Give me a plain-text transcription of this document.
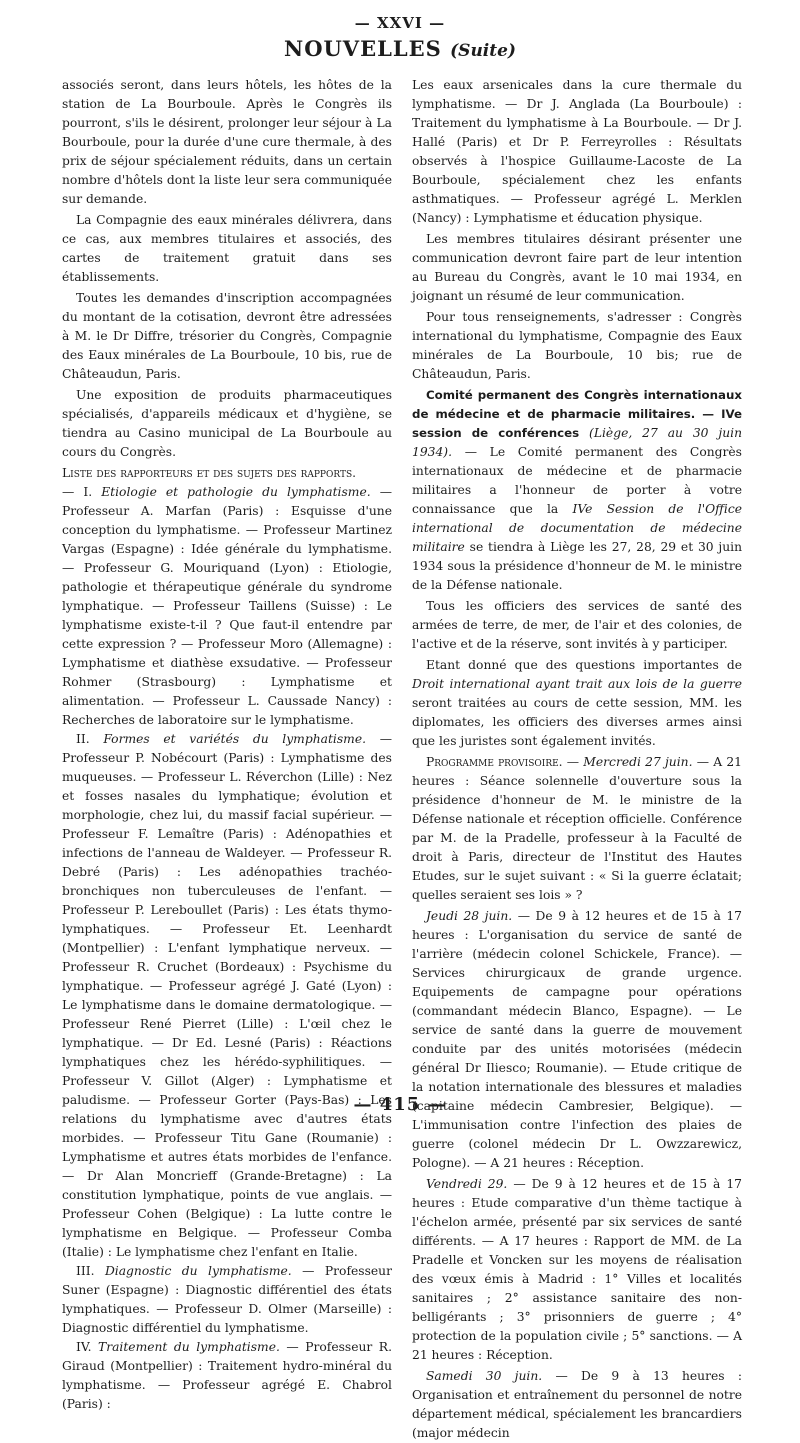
— XXVI —
NOUVELLES (Suite)

associés seront, dans leurs hôtels, les hôtes de la station de La Bourboule. Après le Congrès ils pourront, s'ils le désirent, prolonger leur séjour à La Bourboule, pour la durée d'une cure thermale, à des prix de séjour spécialement réduits, dans un certain nombre d'hôtels dont la liste leur sera communiquée sur demande.

La Compagnie des eaux minérales délivrera, dans ce cas, aux membres titulaires et associés, des cartes de traitement gratuit dans ses établissements.

Toutes les demandes d'inscription accompagnées du montant de la cotisation, devront être adressées à M. le Dr Diffre, trésorier du Congrès, Compagnie des Eaux minérales de La Bourboule, 10 bis, rue de Châteaudun, Paris.

Une exposition de produits pharmaceutiques spécialisés, d'appareils médicaux et d'hygiène, se tiendra au Casino municipal de La Bourboule au cours du Congrès.

Liste des rapporteurs et des sujets des rapports.
— I. Etiologie et pathologie du lymphatisme. — Professeur A. Marfan (Paris) : Esquisse d'une conception du lymphatisme. — Professeur Martinez Vargas (Espagne) : Idée générale du lymphatisme. — Professeur G. Mouriquand (Lyon) : Etiologie, pathologie et thérapeutique générale du syndrome lymphatique. — Professeur Taillens (Suisse) : Le lymphatisme existe-t-il ? Que faut-il entendre par cette expression ? — Professeur Moro (Allemagne) : Lymphatisme et diathèse exsudative. — Professeur Rohmer (Strasbourg) : Lymphatisme et alimentation. — Professeur L. Caussade Nancy) : Recherches de laboratoire sur le lymphatisme.

II. Formes et variétés du lymphatisme. — Professeur P. Nobécourt (Paris) : Lymphatisme des muqueuses. — Professeur L. Réverchon (Lille) : Nez et fosses nasales du lymphatique; évolution et morphologie, chez lui, du massif facial supérieur. — Professeur F. Lemaître (Paris) : Adénopathies et infections de l'anneau de Waldeyer. — Professeur R. Debré (Paris) : Les adénopathies trachéo-bronchiques non tuberculeuses de l'enfant. — Professeur P. Lereboullet (Paris) : Les états thymo-lymphatiques. — Professeur Et. Leenhardt (Montpellier) : L'enfant lymphatique nerveux. — Professeur R. Cruchet (Bordeaux) : Psychisme du lymphatique. — Professeur agrégé J. Gaté (Lyon) : Le lymphatisme dans le domaine dermatologique. — Professeur René Pierret (Lille) : L'œil chez le lymphatique. — Dr Ed. Lesné (Paris) : Réactions lymphatiques chez les hérédo-syphilitiques. — Professeur V. Gillot (Alger) : Lymphatisme et paludisme. — Professeur Gorter (Pays-Bas) : Les relations du lymphatisme avec d'autres états morbides. — Professeur Titu Gane (Roumanie) : Lymphatisme et autres états morbides de l'enfance. — Dr Alan Moncrieff (Grande-Bretagne) : La constitution lymphatique, points de vue anglais. — Professeur Cohen (Belgique) : La lutte contre le lymphatisme en Belgique. — Professeur Comba (Italie) : Le lymphatisme chez l'enfant en Italie.

III. Diagnostic du lymphatisme. — Professeur Suner (Espagne) : Diagnostic différentiel des états lymphatiques. — Professeur D. Olmer (Marseille) : Diagnostic différentiel du lymphatisme.

IV. Traitement du lymphatisme. — Professeur R. Giraud (Montpellier) : Traitement hydro-minéral du lymphatisme. — Professeur agrégé E. Chabrol (Paris) :

Les eaux arsenicales dans la cure thermale du lymphatisme. — Dr J. Anglada (La Bourboule) : Traitement du lymphatisme à La Bourboule. — Dr J. Hallé (Paris) et Dr P. Ferreyrolles : Résultats observés à l'hospice Guillaume-Lacoste de La Bourboule, spécialement chez les enfants asthmatiques. — Professeur agrégé L. Merklen (Nancy) : Lymphatisme et éducation physique.

Les membres titulaires désirant présenter une communication devront faire part de leur intention au Bureau du Congrès, avant le 10 mai 1934, en joignant un résumé de leur communication.

Pour tous renseignements, s'adresser : Congrès international du lymphatisme, Compagnie des Eaux minérales de La Bourboule, 10 bis; rue de Châteaudun, Paris.

Comité permanent des Congrès internationaux de médecine et de pharmacie militaires. — IVe session de conférences (Liège, 27 au 30 juin 1934). — Le Comité permanent des Congrès internationaux de médecine et de pharmacie militaires a l'honneur de porter à votre connaissance que la IVe Session de l'Office international de documentation de médecine militaire se tiendra à Liège les 27, 28, 29 et 30 juin 1934 sous la présidence d'honneur de M. le ministre de la Défense nationale.

Tous les officiers des services de santé des armées de terre, de mer, de l'air et des colonies, de l'active et de la réserve, sont invités à y participer.

Etant donné que des questions importantes de Droit international ayant trait aux lois de la guerre seront traitées au cours de cette session, MM. les diplomates, les officiers des diverses armes ainsi que les juristes sont également invités.

Programme provisoire. — Mercredi 27 juin. — A 21 heures : Séance solennelle d'ouverture sous la présidence d'honneur de M. le ministre de la Défense nationale et réception officielle. Conférence par M. de la Pradelle, professeur à la Faculté de droit à Paris, directeur de l'Institut des Hautes Etudes, sur le sujet suivant : « Si la guerre éclatait; quelles seraient ses lois » ?

Jeudi 28 juin. — De 9 à 12 heures et de 15 à 17 heures : L'organisation du service de santé de l'arrière (médecin colonel Schickele, France). — Services chirurgicaux de grande urgence. Equipements de campagne pour opérations (commandant médecin Blanco, Espagne). — Le service de santé dans la guerre de mouvement conduite par des unités motorisées (médecin général Dr Iliesco; Roumanie). — Etude critique de la notation internationale des blessures et maladies (capitaine médecin Cambresier, Belgique). — L'immunisation contre l'infection des plaies de guerre (colonel médecin Dr L. Owzzarewicz, Pologne). — A 21 heures : Réception.

Vendredi 29. — De 9 à 12 heures et de 15 à 17 heures : Etude comparative d'un thème tactique à l'échelon armée, présenté par six services de santé différents. — A 17 heures : Rapport de MM. de La Pradelle et Voncken sur les moyens de réalisation des vœux émis à Madrid : 1° Villes et localités sanitaires ; 2° assistance sanitaire des non-belligérants ; 3° prisonniers de guerre ; 4° protection de la population civile ; 5° sanctions. — A 21 heures : Réception.

Samedi 30 juin. — De 9 à 13 heures : Organisation et entraînement du personnel de notre département médical, spécialement les brancardiers (major médecin

— 415 —
